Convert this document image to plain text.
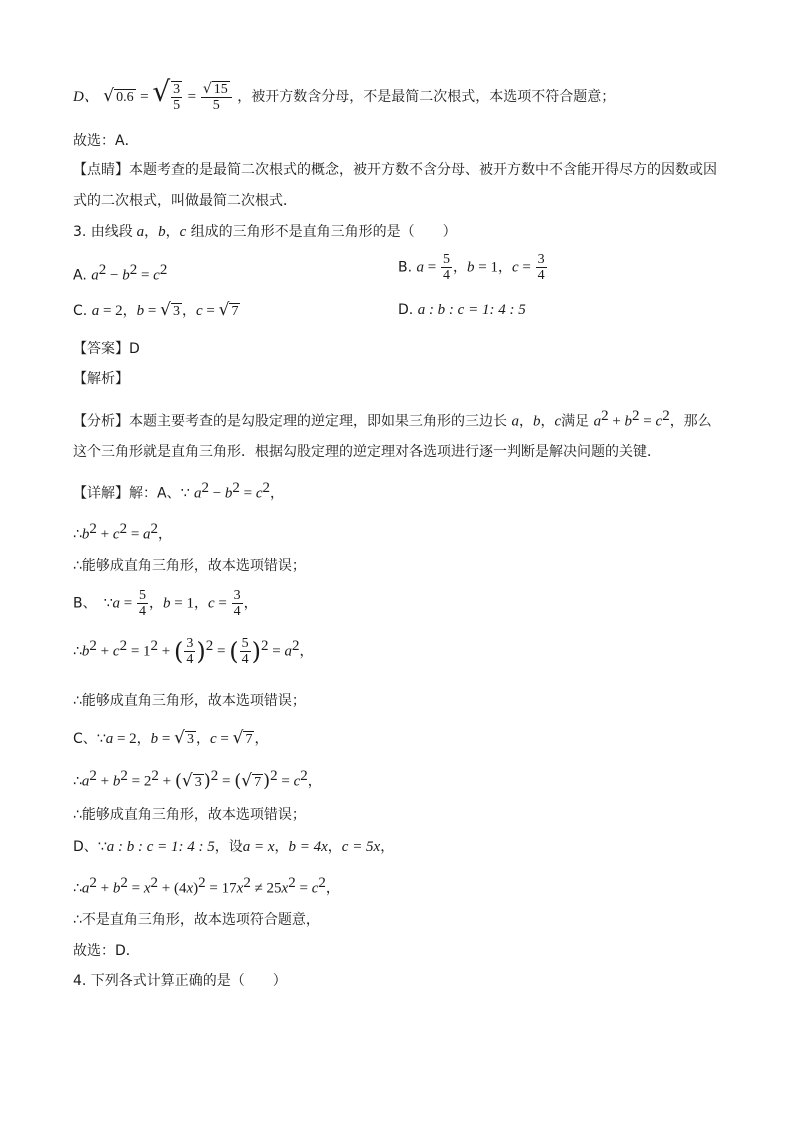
D、 √ 0.6 = √ $\frac{3}{5} = \frac{√ 15}{5}$ ，被开方数含分母，不是最简二次根式，本选项不符合题意；
故选：A．
【点睛】本题考查的是最简二次根式的概念，被开方数不含分母、被开方数中不含能开得尽方的因数或因
式的二次根式，叫做最简二次根式．
3. 由线段 a，b，c 组成的三角形不是直角三角形的是（　　）
A. $a^2 - b^2 = c^2$	B. $a = \frac{5}{4}$ ，b = 1，$c = \frac{3}{4}$
C. a = 2，b = √ 3 ，c = √ 7	D. a : b : c = 1: 4 : 5
【答案】D
【解析】
【分析】本题主要考查的是勾股定理的逆定理，即如果三角形的三边长 a，b，c满足 $a^2 + b^2 = c^2$，那么
这个三角形就是直角三角形．根据勾股定理的逆定理对各选项进行逐一判断是解决问题的关键．
【详解】解：A、∵ $a^2 - b^2 = c^2$，
$\therefore b^2 + c^2 = a^2$，
∴能够成直角三角形，故本选项错误；
B、　∵a = $\frac{5}{4}$ ，b = 1，$c = \frac{3}{4}$ ，
$\therefore b^2 + c^2 = 1^2$ + ( $\frac{3}{4} )^2$ = ( $\frac{5}{4} )^2 = a^2$，
∴能够成直角三角形，故本选项错误；
C、∵a = 2，b = √ 3 ，c = √ 7 ，
$\therefore a^2 + b^2 = 2^2$ + (√ 3 )$^2$ = (√ 7 )$^2 = c^2$，
∴能够成直角三角形，故本选项错误；
D、∵a : b : c = 1: 4 : 5，设a = x，b = 4x，c = 5x，
$\therefore a^2 + b^2 = x^2 + (4x)^2 = 17x^2 \ne 25x^2 = c^2$，
∴不是直角三角形，故本选项符合题意，
故选：D．
4. 下列各式计算正确的是（　　）
